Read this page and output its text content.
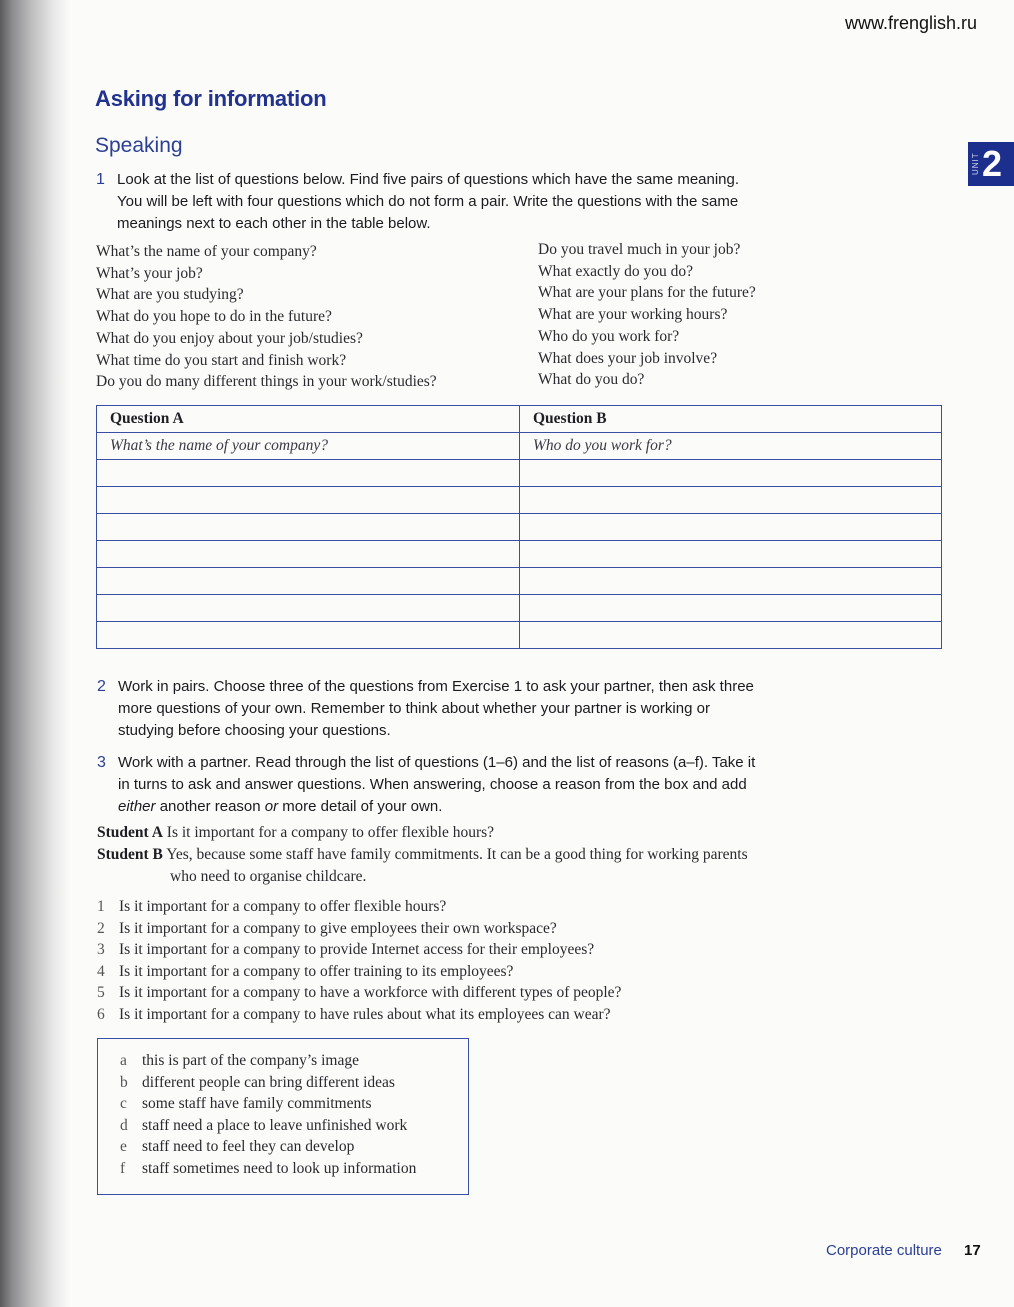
www.frenglish.ru
UNIT 2
Asking for information
Speaking
1 Look at the list of questions below. Find five pairs of questions which have the same meaning.
You will be left with four questions which do not form a pair. Write the questions with the same
meanings next to each other in the table below.
What’s the name of your company?
What’s your job?
What are you studying?
What do you hope to do in the future?
What do you enjoy about your job/studies?
What time do you start and finish work?
Do you do many different things in your work/studies?
Do you travel much in your job?
What exactly do you do?
What are your plans for the future?
What are your working hours?
Who do you work for?
What does your job involve?
What do you do?
Question A	Question B
What’s the name of your company?	Who do you work for?

2 Work in pairs. Choose three of the questions from Exercise 1 to ask your partner, then ask three
more questions of your own. Remember to think about whether your partner is working or
studying before choosing your questions.
3 Work with a partner. Read through the list of questions (1–6) and the list of reasons (a–f). Take it
in turns to ask and answer questions. When answering, choose a reason from the box and add
either another reason or more detail of your own.
Student A Is it important for a company to offer flexible hours?
Student B Yes, because some staff have family commitments. It can be a good thing for working parents
who need to organise childcare.
1 Is it important for a company to offer flexible hours?
2 Is it important for a company to give employees their own workspace?
3 Is it important for a company to provide Internet access for their employees?
4 Is it important for a company to offer training to its employees?
5 Is it important for a company to have a workforce with different types of people?
6 Is it important for a company to have rules about what its employees can wear?
a this is part of the company’s image
b different people can bring different ideas
c some staff have family commitments
d staff need a place to leave unfinished work
e staff need to feel they can develop
f staff sometimes need to look up information
Corporate culture 17
